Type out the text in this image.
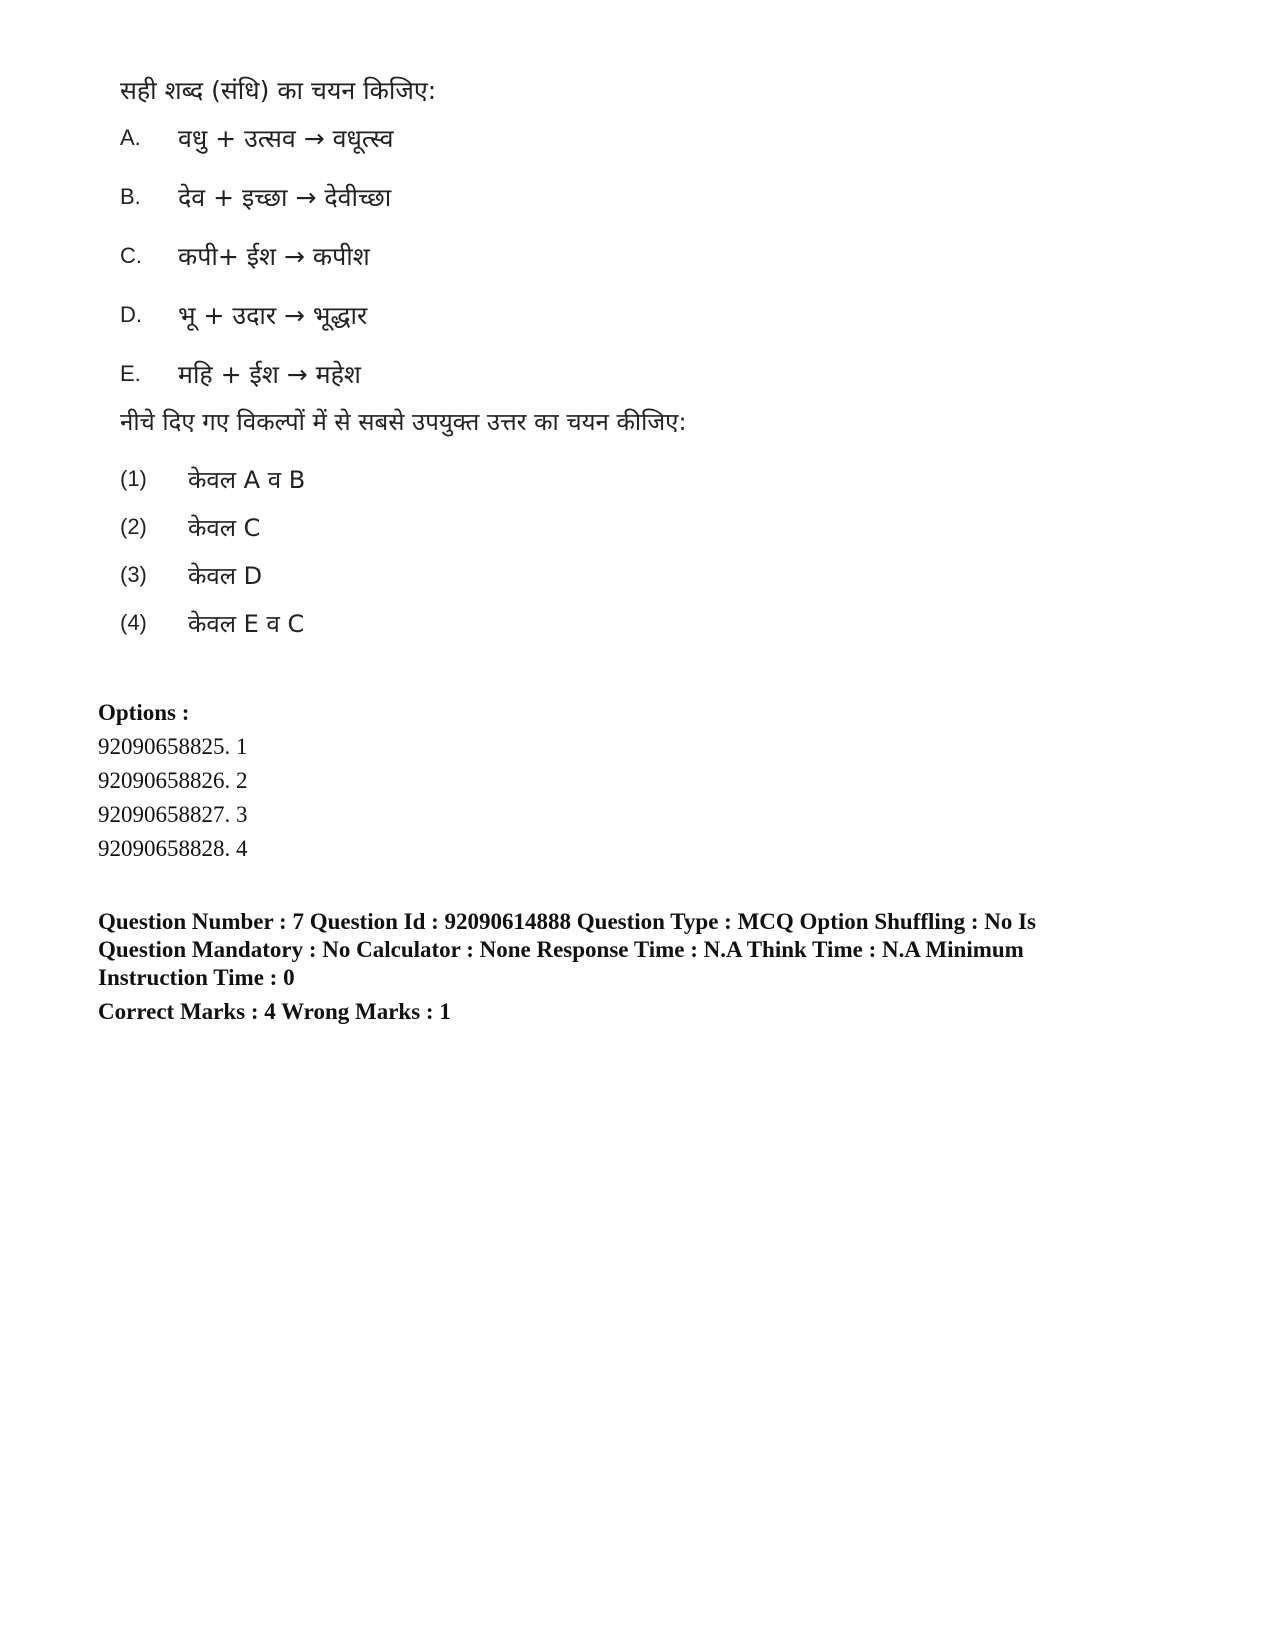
सही शब्द (संधि) का चयन किजिए:
A.	वधु + उत्सव → वधूत्स्व
B.	देव + इच्छा → देवीच्छा
C.	कपी+ ईश → कपीश
D.	भू + उदार → भूद्धार
E.	महि + ईश → महेश
नीचे दिए गए विकल्पों में से सबसे उपयुक्त उत्तर का चयन कीजिए:
(1)	केवल A व B
(2)	केवल C
(3)	केवल D
(4)	केवल E व C
Options :
92090658825. 1
92090658826. 2
92090658827. 3
92090658828. 4
Question Number : 7 Question Id : 92090614888 Question Type : MCQ Option Shuffling : No Is Question Mandatory : No Calculator : None Response Time : N.A Think Time : N.A Minimum Instruction Time : 0
Correct Marks : 4 Wrong Marks : 1
